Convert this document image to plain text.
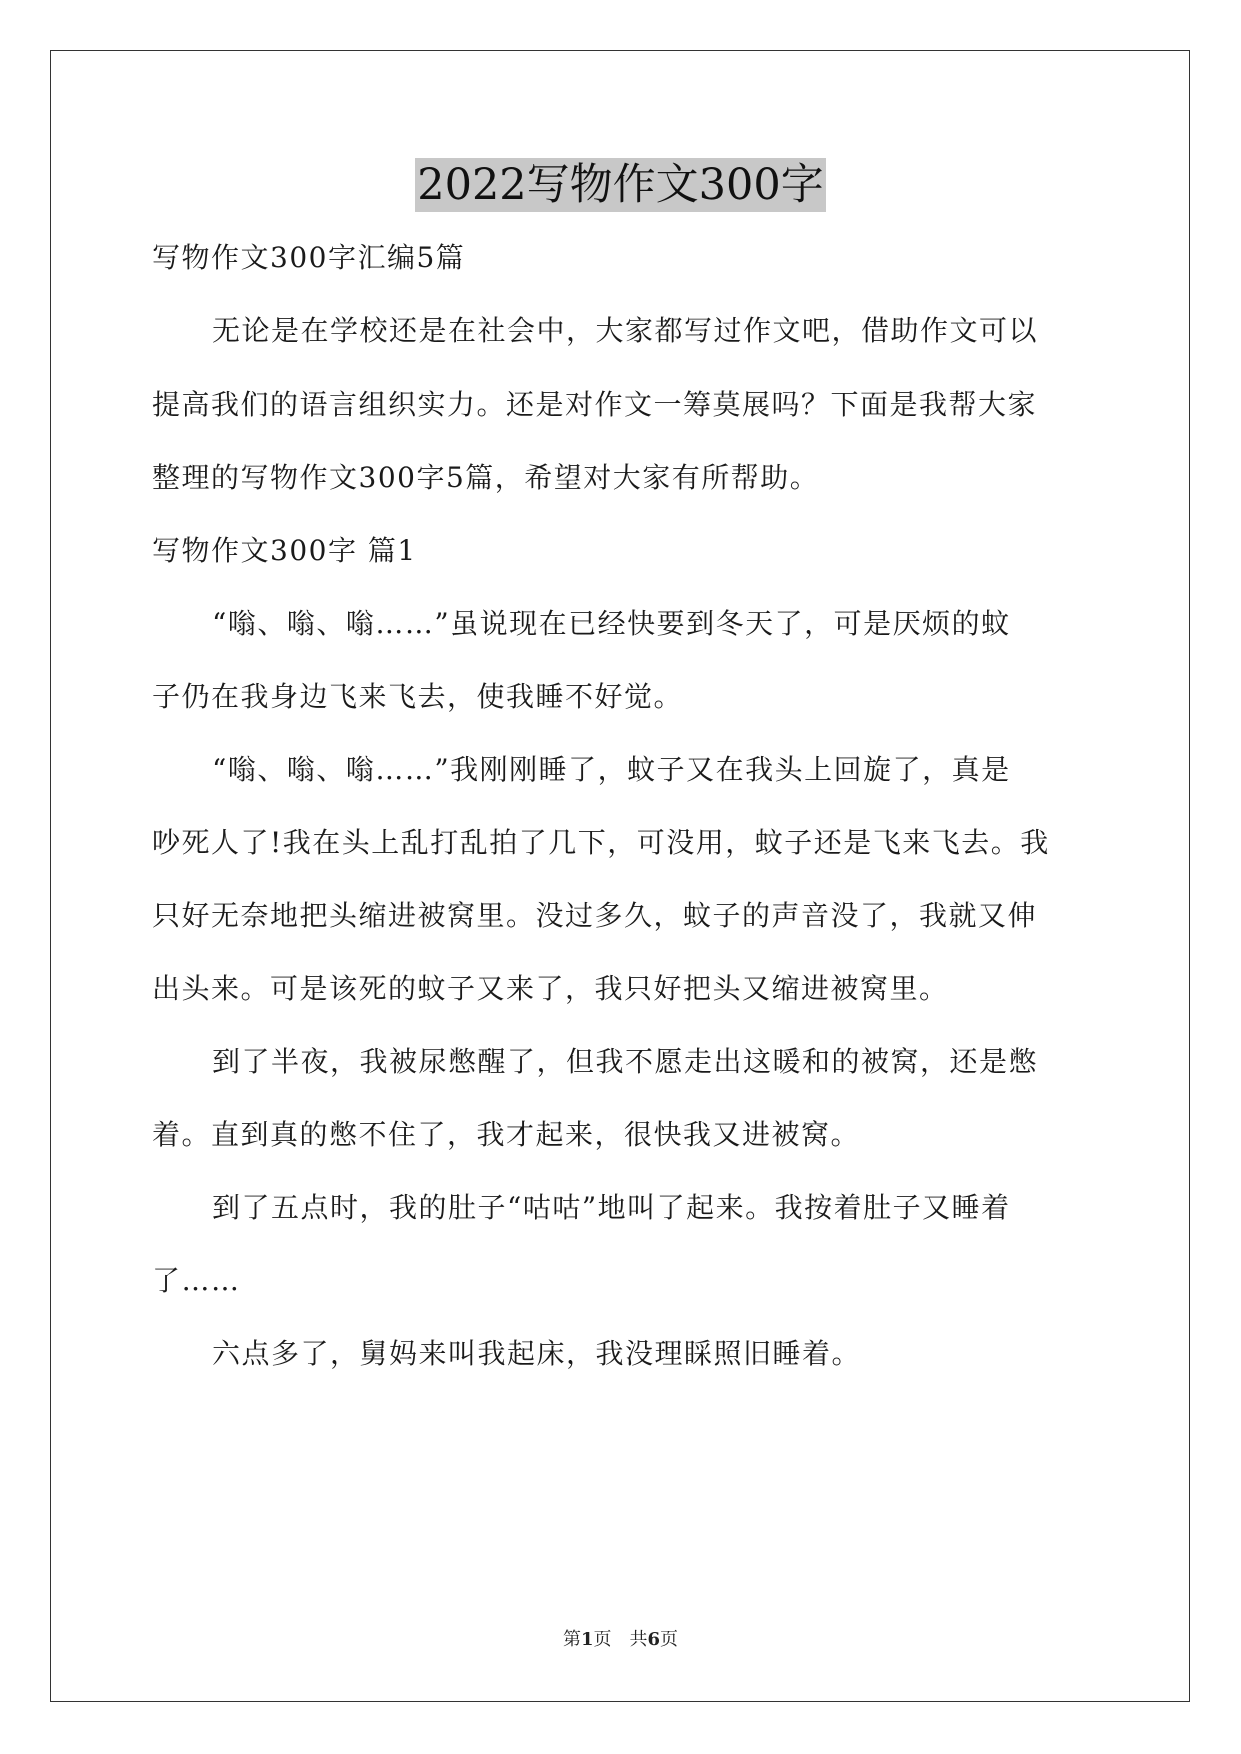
2022写物作文300字
写物作文300字汇编5篇
无论是在学校还是在社会中，大家都写过作文吧，借助作文可以
提高我们的语言组织实力。还是对作文一筹莫展吗？下面是我帮大家
整理的写物作文300字5篇，希望对大家有所帮助。
写物作文300字 篇1
“嗡、嗡、嗡……”虽说现在已经快要到冬天了，可是厌烦的蚊
子仍在我身边飞来飞去，使我睡不好觉。
“嗡、嗡、嗡……”我刚刚睡了，蚊子又在我头上回旋了，真是
吵死人了!我在头上乱打乱拍了几下，可没用，蚊子还是飞来飞去。我
只好无奈地把头缩进被窝里。没过多久，蚊子的声音没了，我就又伸
出头来。可是该死的蚊子又来了，我只好把头又缩进被窝里。
到了半夜，我被尿憋醒了，但我不愿走出这暖和的被窝，还是憋
着。直到真的憋不住了，我才起来，很快我又进被窝。
到了五点时，我的肚子“咕咕”地叫了起来。我按着肚子又睡着
了……
六点多了，舅妈来叫我起床，我没理睬照旧睡着。
第1页　共6页
